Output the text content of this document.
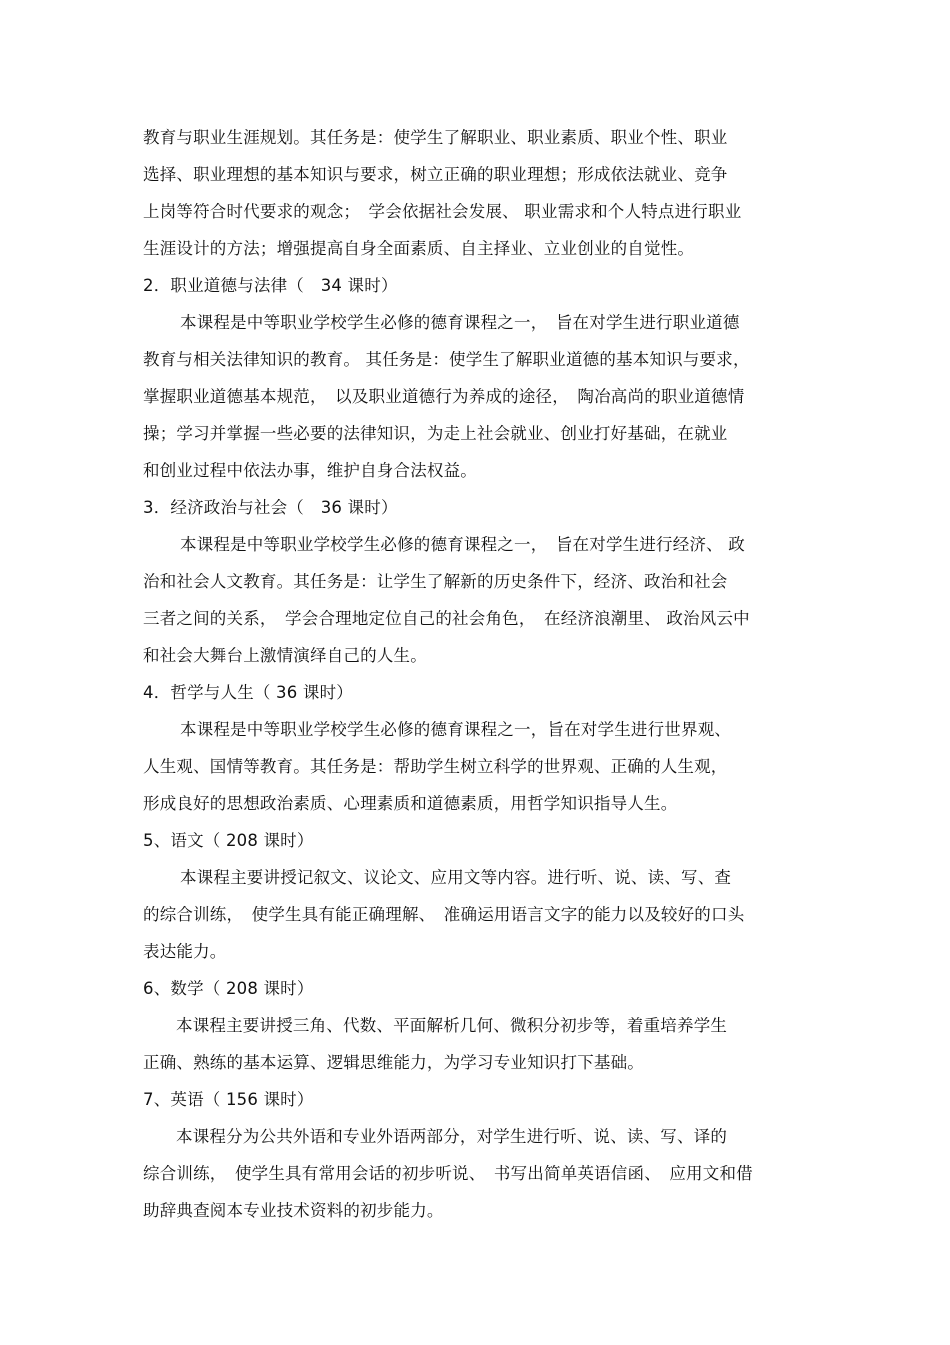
教育与职业生涯规划。其任务是：使学生了解职业、职业素质、职业个性、职业
选择、职业理想的基本知识与要求，树立正确的职业理想；形成依法就业、竞争
上岗等符合时代要求的观念；　学会依据社会发展、 职业需求和个人特点进行职业
生涯设计的方法；增强提高自身全面素质、自主择业、立业创业的自觉性。
2．职业道德与法律（　34 课时）
本课程是中等职业学校学生必修的德育课程之一，　旨在对学生进行职业道德
教育与相关法律知识的教育。 其任务是：使学生了解职业道德的基本知识与要求，
掌握职业道德基本规范，　以及职业道德行为养成的途径，　陶冶高尚的职业道德情
操；学习并掌握一些必要的法律知识，为走上社会就业、创业打好基础，在就业
和创业过程中依法办事，维护自身合法权益。
3．经济政治与社会（　36 课时）
本课程是中等职业学校学生必修的德育课程之一，　旨在对学生进行经济、 政
治和社会人文教育。其任务是：让学生了解新的历史条件下，经济、政治和社会
三者之间的关系，　学会合理地定位自己的社会角色，　在经济浪潮里、 政治风云中
和社会大舞台上激情演绎自己的人生。
4．哲学与人生（ 36 课时）
本课程是中等职业学校学生必修的德育课程之一，旨在对学生进行世界观、
人生观、国情等教育。其任务是：帮助学生树立科学的世界观、正确的人生观，
形成良好的思想政治素质、心理素质和道德素质，用哲学知识指导人生。
5、语文（ 208 课时）
本课程主要讲授记叙文、议论文、应用文等内容。进行听、说、读、写、查
的综合训练，　使学生具有能正确理解、　准确运用语言文字的能力以及较好的口头
表达能力。
6、数学（ 208 课时）
本课程主要讲授三角、代数、平面解析几何、微积分初步等，着重培养学生
正确、熟练的基本运算、逻辑思维能力，为学习专业知识打下基础。
7、英语（ 156 课时）
本课程分为公共外语和专业外语两部分，对学生进行听、说、读、写、译的
综合训练，　使学生具有常用会话的初步听说、　书写出简单英语信函、　应用文和借
助辞典查阅本专业技术资料的初步能力。
